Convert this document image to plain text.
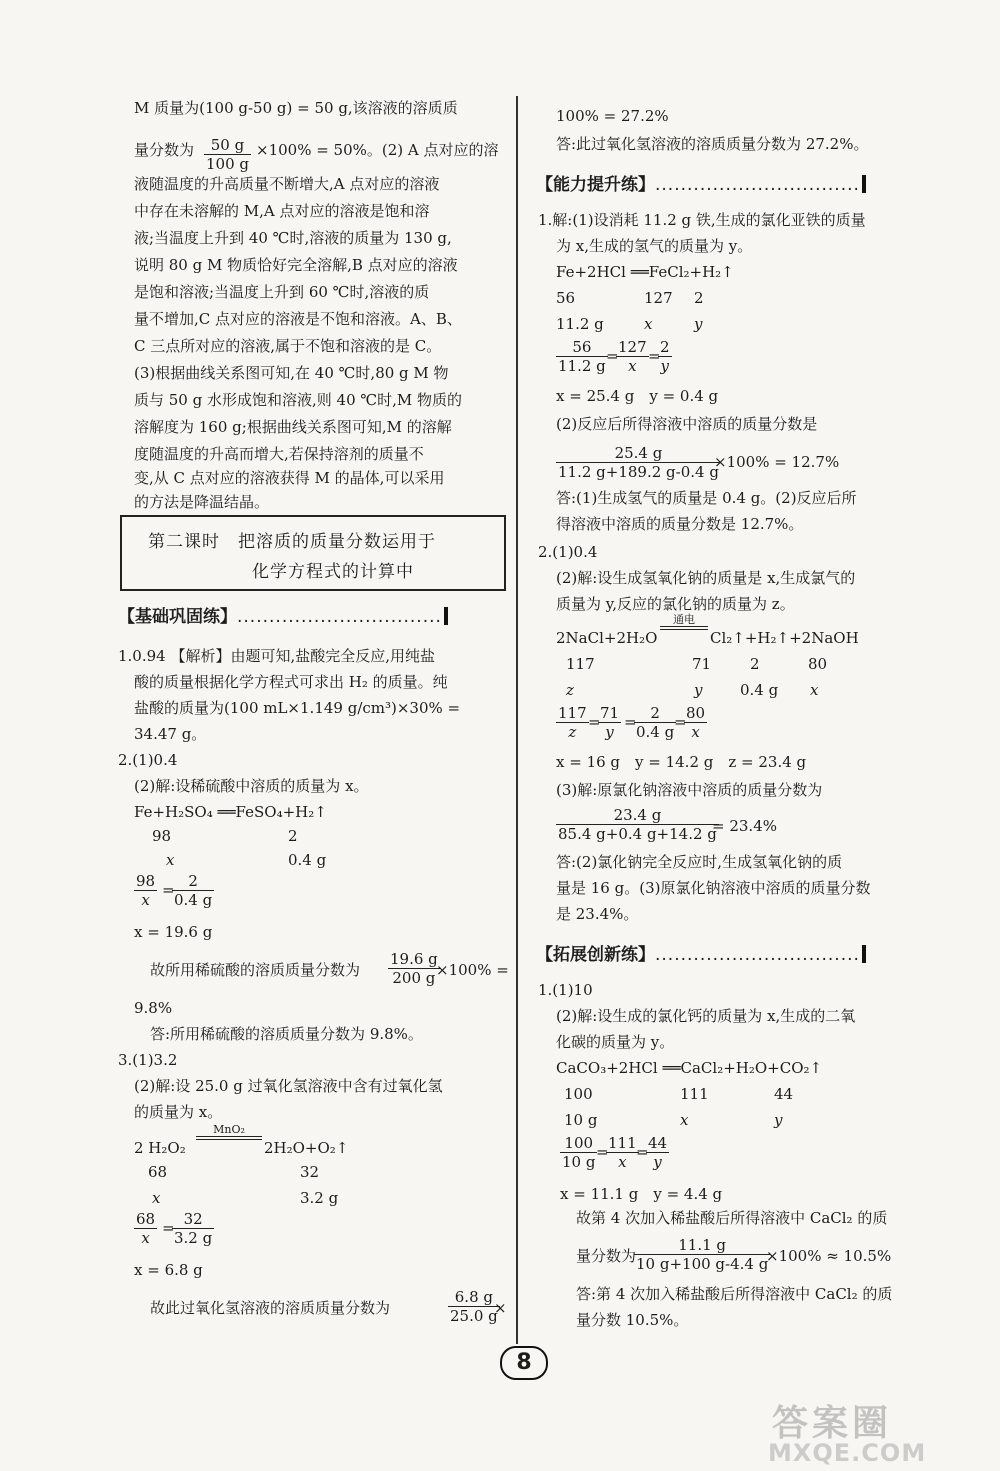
M 质量为(100 g-50 g) = 50 g,该溶液的溶质质
量分数为 $\frac{50 g}{100 g} \times 100\% = 50\%$。(2) A 点对应的溶
液随温度的升高质量不断增大,A 点对应的溶液
中存在未溶解的 M,A 点对应的溶液是饱和溶
液;当温度上升到 40 ℃时,溶液的质量为 130 g,
说明 80 g M 物质恰好完全溶解,B 点对应的溶液
是饱和溶液;当温度上升到 60 ℃时,溶液的质
量不增加,C 点对应的溶液是不饱和溶液。A、B、
C 三点所对应的溶液,属于不饱和溶液的是 C。
(3)根据曲线关系图可知,在 40 ℃时,80 g M 物
质与 50 g 水形成饱和溶液,则 40 ℃时,M 物质的
溶解度为 160 g;根据曲线关系图可知,M 的溶解
度随温度的升高而增大,若保持溶剂的质量不
变,从 C 点对应的溶液获得 M 的晶体,可以采用
第二课时　把溶质的质量分数运用于
化学方程式的计算中
【基础巩固练】................................
1.0.94 【解析】由题可知,盐酸完全反应,用纯盐
酸的质量根据化学方程式可求出 H₂ 的质量。纯
盐酸的质量为(100 mL×1.149 g/cm³)×30% =
34.47 g。
2.(1)0.4
(2)解:设稀硫酸中溶质的质量为 x。
Fe+H₂SO₄ ══FeSO₄+H₂↑
98	2
x	0.4 g
$\frac{98}{x}$ =
$\frac{2}{0.4 g}$
x = 19.6 g
故所用稀硫酸的溶质质量分数为 $\frac{19.6 g}{200 g}$
×100% =
9.8%
答:所用稀硫酸的溶质质量分数为 9.8%。
3.(1)3.2
(2)解:设 25.0 g 过氧化氢溶液中含有过氧化氢
的质量为 x。
2 H₂O₂
MnO₂
2H₂O+O₂↑
68	32
x	3.2 g
$\frac{68}{x}$ =
$\frac{32}{3.2 g}$
x = 6.8 g
故此过氧化氢溶液的溶质质量分数为	$\frac{6.8 g}{25.0 g}$
×
100% = 27.2%
答:此过氧化氢溶液的溶质质量分数为 27.2%。
【能力提升练】................................
1.解:(1)设消耗 11.2 g 铁,生成的氯化亚铁的质量
为 x,生成的氢气的质量为 y。
Fe+2HCl ══FeCl₂+H₂↑
56	127 2
11.2 g	x	y
$\frac{56}{11.2 g}$
=
$\frac{127}{x}$ =
$\frac{2}{y}$
x = 25.4 g　y = 0.4 g
(2)反应后所得溶液中溶质的质量分数是
$\frac{25.4 g}{11.2 g+189.2 g-0.4 g}$
×100% = 12.7%
答:(1)生成氢气的质量是 0.4 g。(2)反应后所
得溶液中溶质的质量分数是 12.7%。
2.(1)0.4
(2)解:设生成氢氧化钠的质量是 x,生成氯气的
质量为 y,反应的氯化钠的质量为 z。
2NaCl+2H₂O
通电
Cl₂↑+H₂↑+2NaOH
117	71	2	80
z	y	0.4 g x
$\frac{117}{z}$ =
$\frac{71}{y}$ =
$\frac{2}{0.4 g}$
=
$\frac{80}{x}$
x = 16 g　y = 14.2 g　z = 23.4 g
(3)解:原氯化钠溶液中溶质的质量分数为
$\frac{23.4 g}{85.4 g+0.4 g+14.2 g}$
= 23.4%
答:(2)氯化钠完全反应时,生成氢氧化钠的质
量是 16 g。(3)原氯化钠溶液中溶质的质量分数
是 23.4%。
【拓展创新练】................................
1.(1)10
(2)解:设生成的氯化钙的质量为 x,生成的二氧
化碳的质量为 y。
CaCO₃+2HCl ══CaCl₂+H₂O+CO₂↑
100	111	44
10 g	x	y
$\frac{100}{10 g}$
=
$\frac{111}{x}$
=
$\frac{44}{y}$
x = 11.1 g　y = 4.4 g
故第 4 次加入稀盐酸后所得溶液中 CaCl₂ 的质
量分数为
$\frac{11.1 g}{10 g+100 g-4.4 g}$
×100% ≈ 10.5%
答:第 4 次加入稀盐酸后所得溶液中 CaCl₂ 的质
量分数 10.5%。
8
答案圈
MXQE.COM
的方法是降温结晶。
